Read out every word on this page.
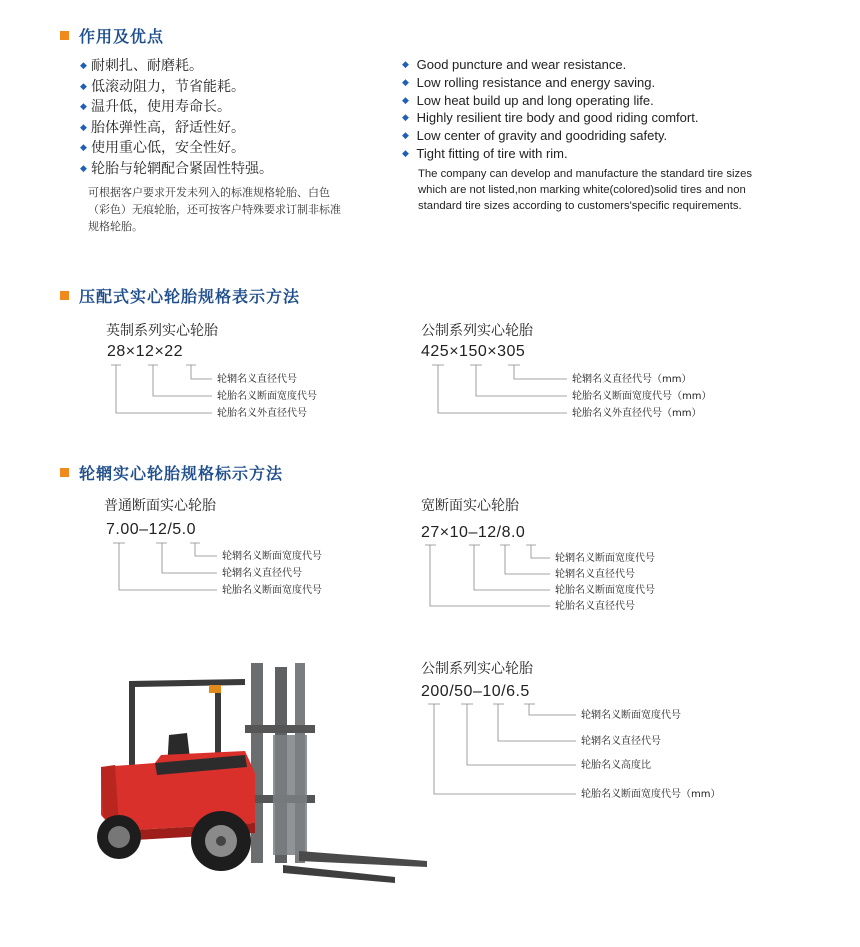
作用及优点
◆ 耐刺扎、耐磨耗。
◆ 低滚动阻力，节省能耗。
◆ 温升低，使用寿命长。
◆ 胎体弹性高，舒适性好。
◆ 使用重心低，安全性好。
◆ 轮胎与轮辋配合紧固性特强。
可根据客户要求开发未列入的标准规格轮胎、白色（彩色）无痕轮胎，还可按客户特殊要求订制非标准规格轮胎。
◆ Good puncture and wear resistance.
◆ Low rolling resistance and energy saving.
◆ Low heat build up and long operating life.
◆ Highly resilient tire body and good riding comfort.
◆ Low center of gravity and goodriding safety.
◆ Tight fitting of tire with rim.
The company can develop and manufacture the standard tire sizes which are not listed,non marking white(colored)solid tires and non standard tire sizes according to customers'specific requirements.
压配式实心轮胎规格表示方法
英制系列实心轮胎
28×12×22
轮辋名义直径代号
轮胎名义断面宽度代号
轮胎名义外直径代号
公制系列实心轮胎
425×150×305
轮辋名义直径代号（mm）
轮胎名义断面宽度代号（mm）
轮胎名义外直径代号（mm）
轮辋实心轮胎规格标示方法
普通断面实心轮胎
7.00–12/5.0
轮辋名义断面宽度代号
轮辋名义直径代号
轮胎名义断面宽度代号
宽断面实心轮胎
27×10–12/8.0
轮辋名义断面宽度代号
轮辋名义直径代号
轮胎名义断面宽度代号
轮胎名义直径代号
公制系列实心轮胎
200/50–10/6.5
轮辋名义断面宽度代号
轮辋名义直径代号
轮胎名义高度比
轮胎名义断面宽度代号（mm）
